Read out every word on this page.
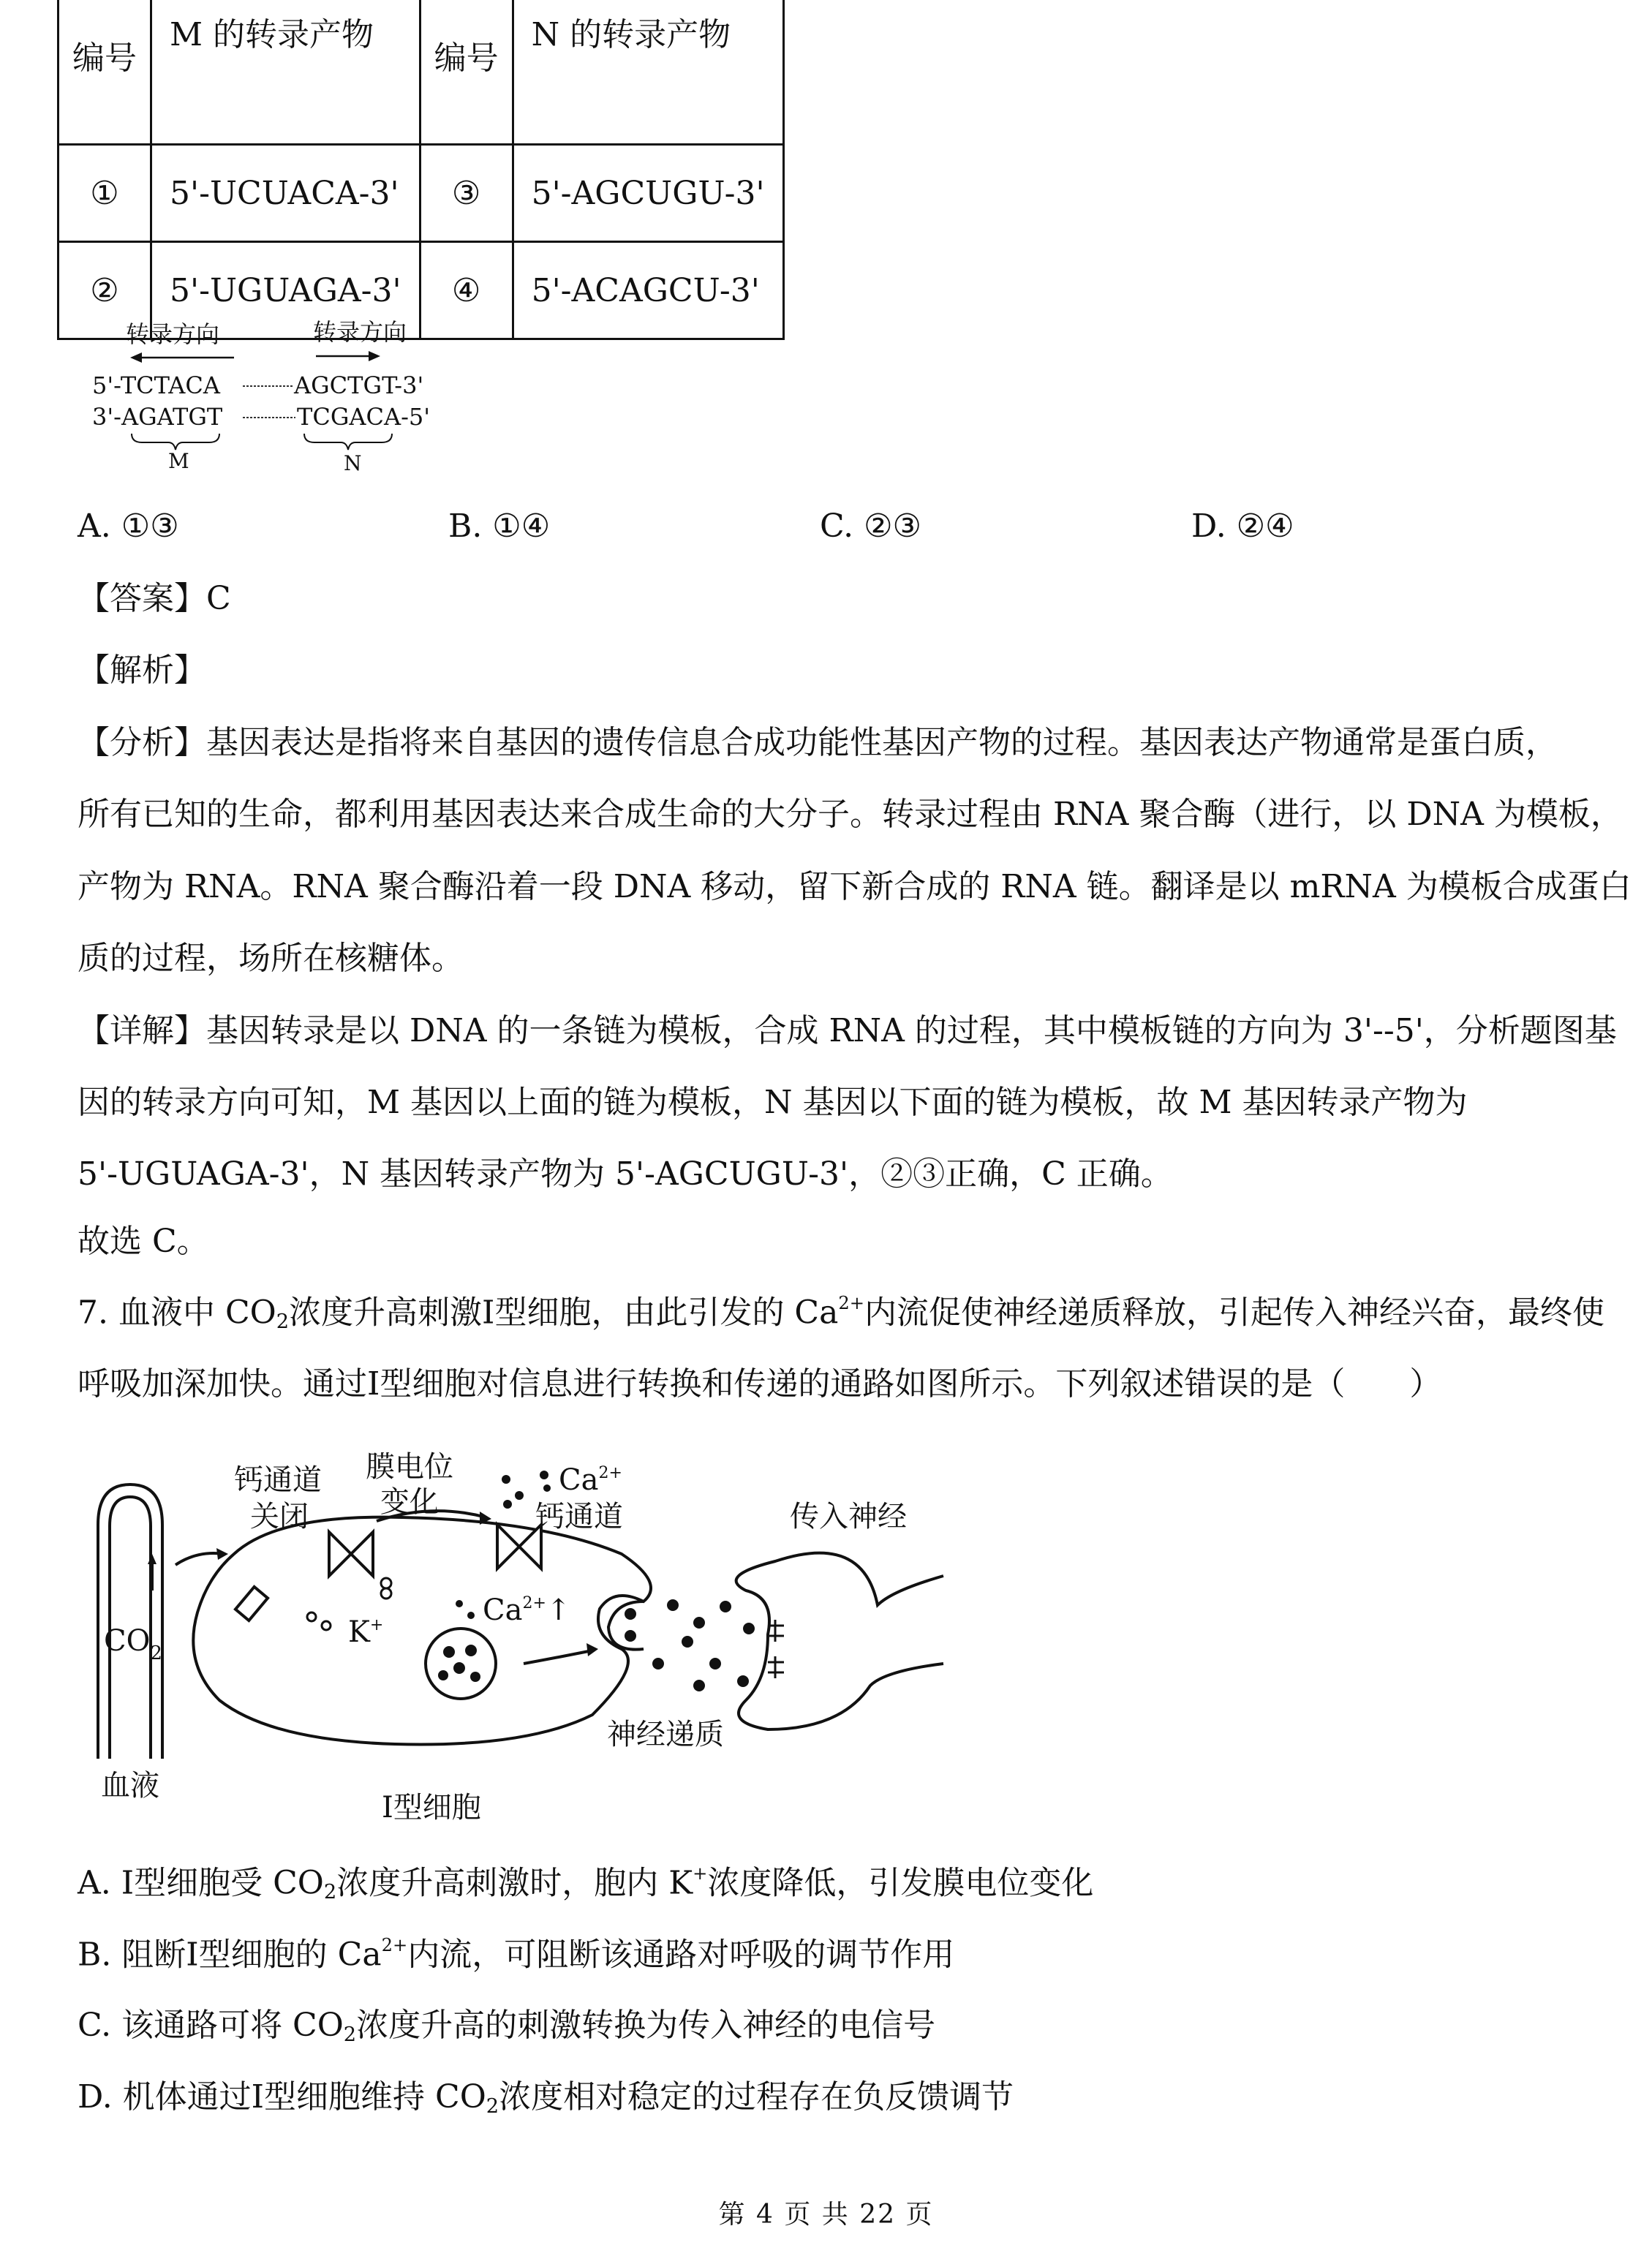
编号	M 的转录产物	编号	N 的转录产物
①	5'-UCUACA-3'	③	5'-AGCUGU-3'
②	5'-UGUAGA-3'	④	5'-ACAGCU-3'
转录方向	转录方向
5'-TCTACA	AGCTGT-3'
3'-AGATGT	TCGACA-5'
M	N
A. ①③	B. ①④	C. ②③	D. ②④
【答案】C
【解析】
【分析】基因表达是指将来自基因的遗传信息合成功能性基因产物的过程。基因表达产物通常是蛋白质，
所有已知的生命，都利用基因表达来合成生命的大分子。转录过程由 RNA 聚合酶（进行，以 DNA 为模板，
产物为 RNA。RNA 聚合酶沿着一段 DNA 移动，留下新合成的 RNA 链。翻译是以 mRNA 为模板合成蛋白
质的过程，场所在核糖体。
【详解】基因转录是以 DNA 的一条链为模板，合成 RNA 的过程，其中模板链的方向为 3'--5'，分析题图基
因的转录方向可知，M 基因以上面的链为模板，N 基因以下面的链为模板，故 M 基因转录产物为
5'-UGUAGA-3'，N 基因转录产物为 5'-AGCUGU-3'，②③正确，C 正确。
故选 C。
7. 血液中 $CO_2$浓度升高刺激I型细胞，由此引发的 $Ca^{2+}$内流促使神经递质释放，引起传入神经兴奋，最终使
呼吸加深加快。通过I型细胞对信息进行转换和传递的通路如图所示。下列叙述错误的是（　　）
钙通道
关闭
膜电位
变化
$Ca^{2+}$
钙通道	传入神经
$CO_2$
K+	$Ca^{2+}↑$
神经递质
血液
I型细胞
A. I型细胞受 $CO_2$浓度升高刺激时，胞内 K+浓度降低，引发膜电位变化
B. 阻断I型细胞的 $Ca^{2+}$内流，可阻断该通路对呼吸的调节作用
C. 该通路可将 $CO_2$浓度升高的刺激转换为传入神经的电信号
D. 机体通过I型细胞维持 $CO_2$浓度相对稳定的过程存在负反馈调节
第 4 页 共 22 页
